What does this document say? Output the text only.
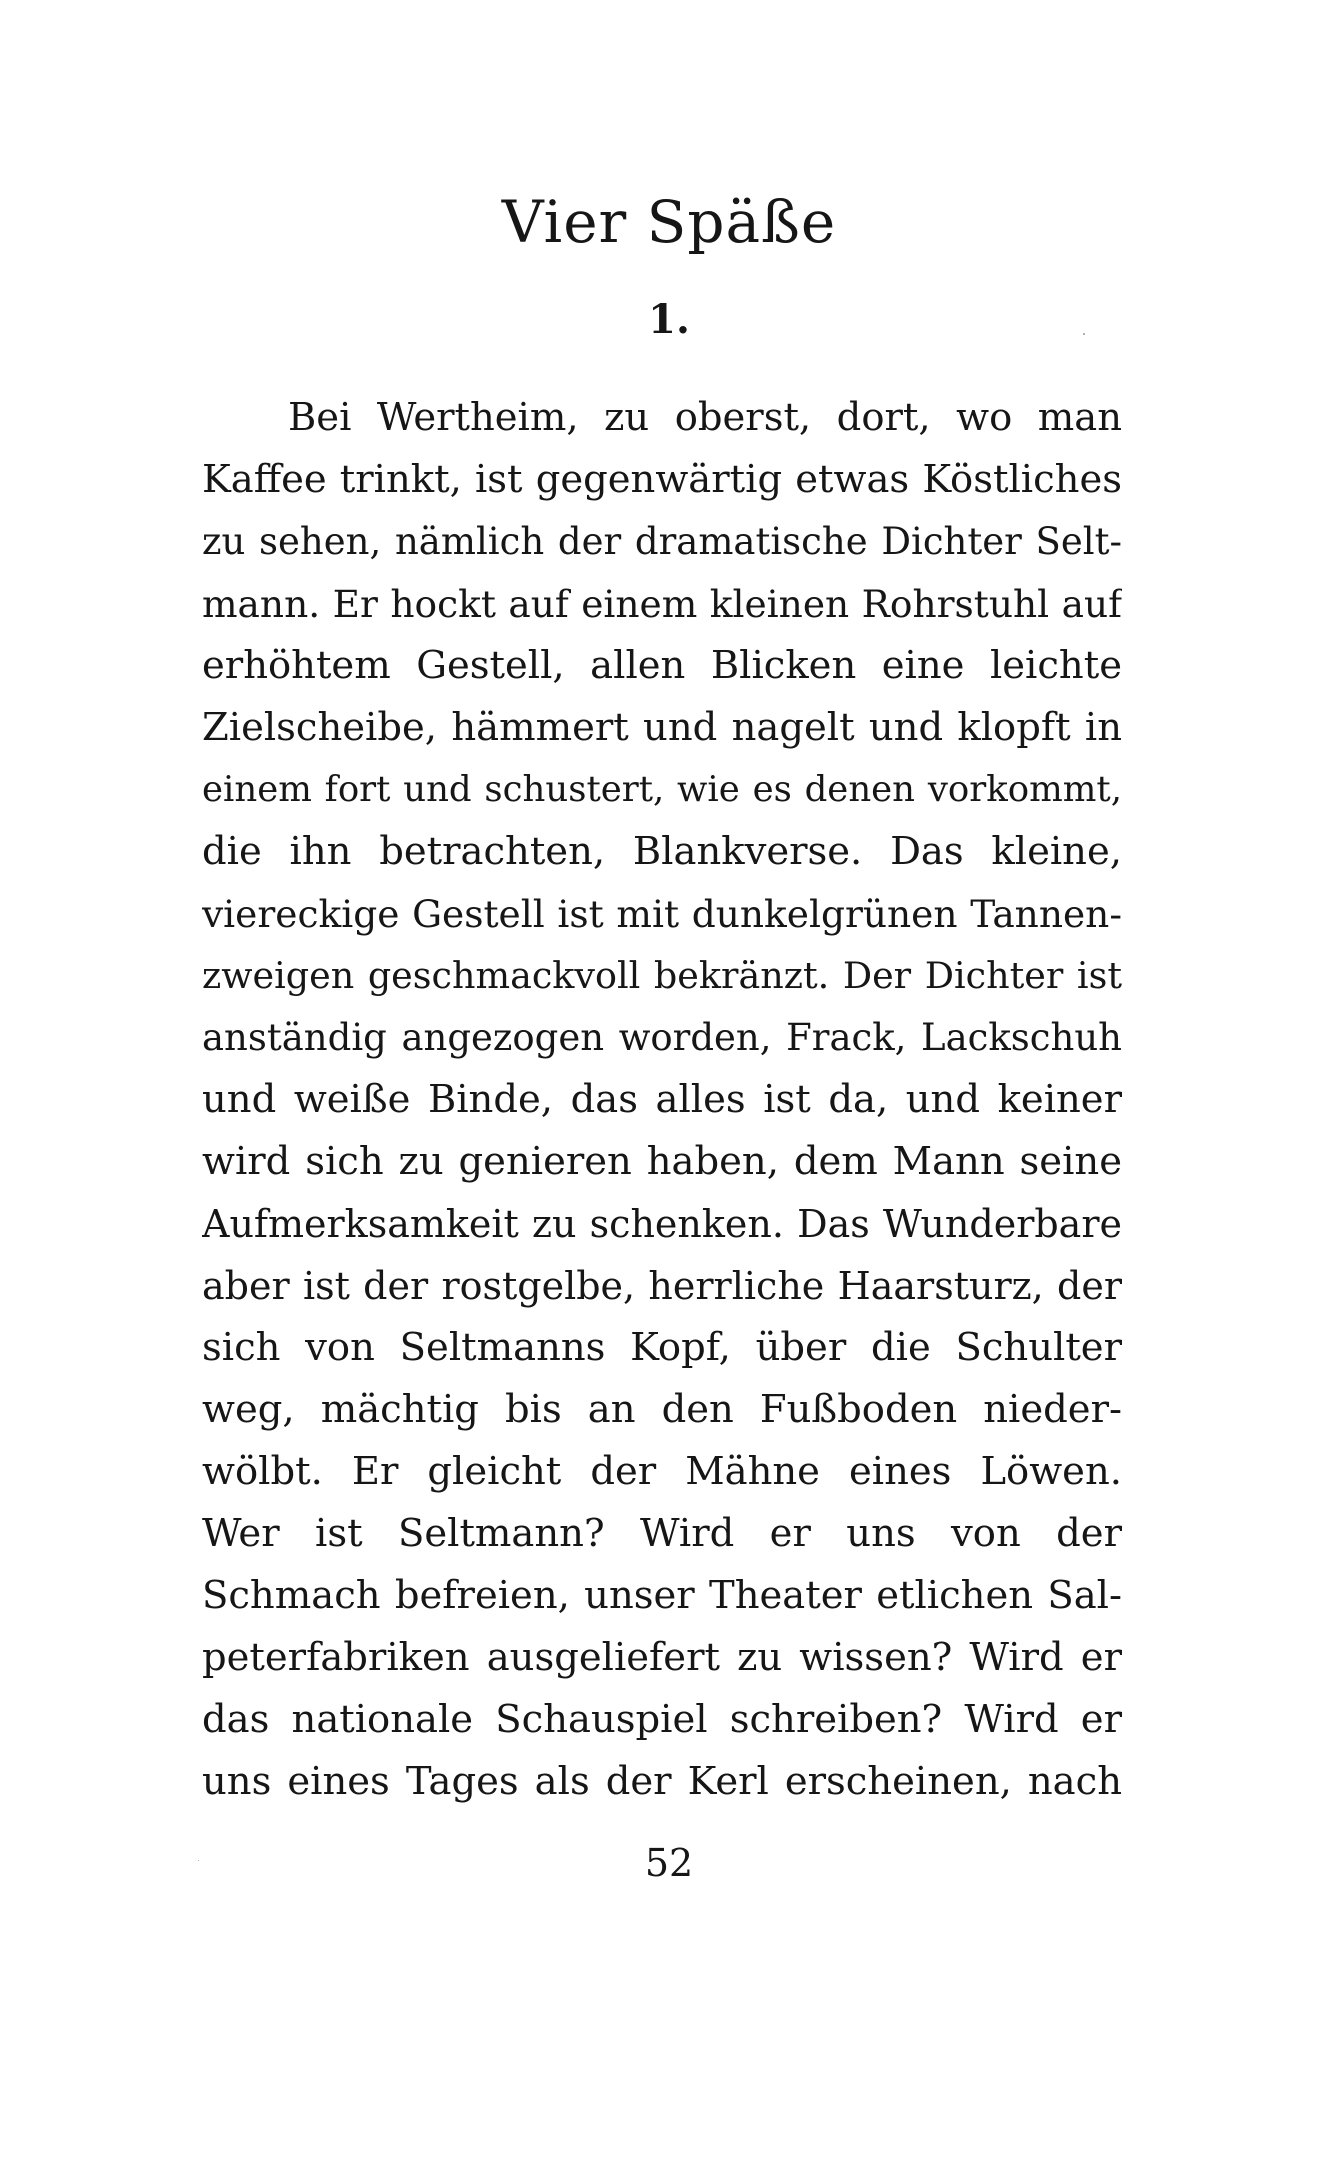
Vier Späße
1.
Bei Wertheim, zu oberst, dort, wo man
Kaffee trinkt, ist gegenwärtig etwas Köstliches
zu sehen, nämlich der dramatische Dichter Selt-
mann. Er hockt auf einem kleinen Rohrstuhl auf
erhöhtem Gestell, allen Blicken eine leichte
Zielscheibe, hämmert und nagelt und klopft in
einem fort und schustert, wie es denen vorkommt,
die ihn betrachten, Blankverse. Das kleine,
viereckige Gestell ist mit dunkelgrünen Tannen-
zweigen geschmackvoll bekränzt. Der Dichter ist
anständig angezogen worden, Frack, Lackschuh
und weiße Binde, das alles ist da, und keiner
wird sich zu genieren haben, dem Mann seine
Aufmerksamkeit zu schenken. Das Wunderbare
aber ist der rostgelbe, herrliche Haarsturz, der
sich von Seltmanns Kopf, über die Schulter
weg, mächtig bis an den Fußboden nieder-
wölbt. Er gleicht der Mähne eines Löwen.
Wer ist Seltmann? Wird er uns von der
Schmach befreien, unser Theater etlichen Sal-
peterfabriken ausgeliefert zu wissen? Wird er
das nationale Schauspiel schreiben? Wird er
uns eines Tages als der Kerl erscheinen, nach
52
